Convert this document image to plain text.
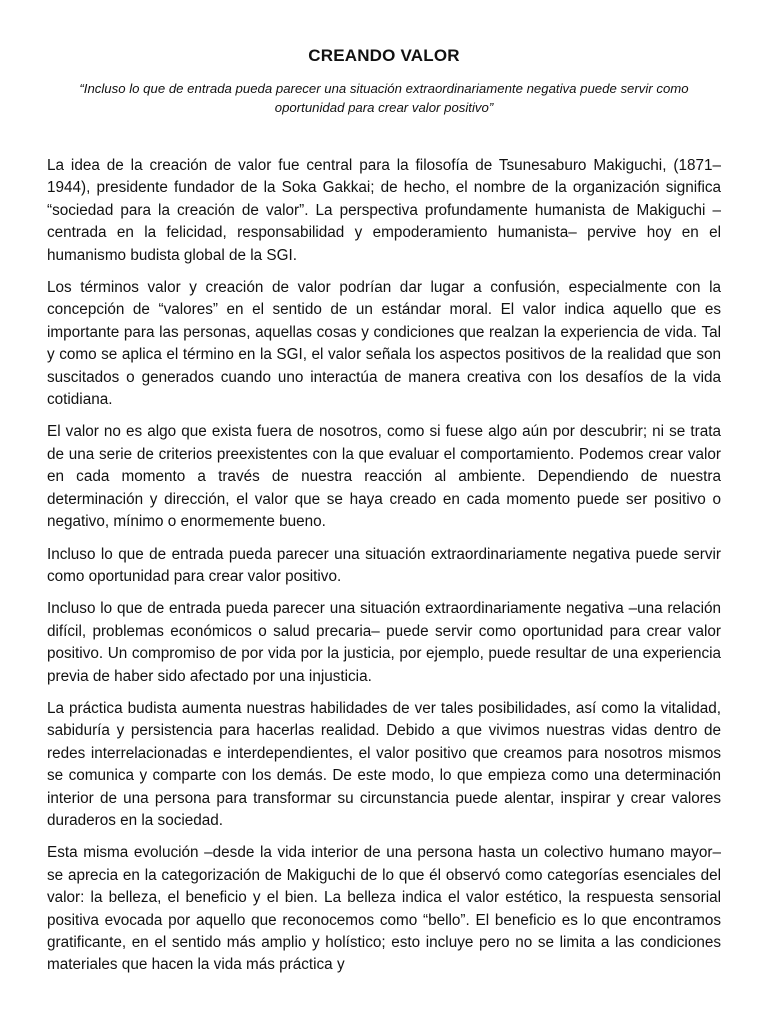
CREANDO VALOR

“Incluso lo que de entrada pueda parecer una situación extraordinariamente negativa puede servir como oportunidad para crear valor positivo”

La idea de la creación de valor fue central para la filosofía de Tsunesaburo Makiguchi, (1871–1944), presidente fundador de la Soka Gakkai; de hecho, el nombre de la organización significa “sociedad para la creación de valor”. La perspectiva profundamente humanista de Makiguchi –centrada en la felicidad, responsabilidad y empoderamiento humanista– pervive hoy en el humanismo budista global de la SGI.

Los términos valor y creación de valor podrían dar lugar a confusión, especialmente con la concepción de “valores” en el sentido de un estándar moral. El valor indica aquello que es importante para las personas, aquellas cosas y condiciones que realzan la experiencia de vida. Tal y como se aplica el término en la SGI, el valor señala los aspectos positivos de la realidad que son suscitados o generados cuando uno interactúa de manera creativa con los desafíos de la vida cotidiana.

El valor no es algo que exista fuera de nosotros, como si fuese algo aún por descubrir; ni se trata de una serie de criterios preexistentes con la que evaluar el comportamiento. Podemos crear valor en cada momento a través de nuestra reacción al ambiente. Dependiendo de nuestra determinación y dirección, el valor que se haya creado en cada momento puede ser positivo o negativo, mínimo o enormemente bueno.

Incluso lo que de entrada pueda parecer una situación extraordinariamente negativa puede servir como oportunidad para crear valor positivo.

Incluso lo que de entrada pueda parecer una situación extraordinariamente negativa –una relación difícil, problemas económicos o salud precaria– puede servir como oportunidad para crear valor positivo. Un compromiso de por vida por la justicia, por ejemplo, puede resultar de una experiencia previa de haber sido afectado por una injusticia.

La práctica budista aumenta nuestras habilidades de ver tales posibilidades, así como la vitalidad, sabiduría y persistencia para hacerlas realidad. Debido a que vivimos nuestras vidas dentro de redes interrelacionadas e interdependientes, el valor positivo que creamos para nosotros mismos se comunica y comparte con los demás. De este modo, lo que empieza como una determinación interior de una persona para transformar su circunstancia puede alentar, inspirar y crear valores duraderos en la sociedad.

Esta misma evolución –desde la vida interior de una persona hasta un colectivo humano mayor– se aprecia en la categorización de Makiguchi de lo que él observó como categorías esenciales del valor: la belleza, el beneficio y el bien. La belleza indica el valor estético, la respuesta sensorial positiva evocada por aquello que reconocemos como “bello”. El beneficio es lo que encontramos gratificante, en el sentido más amplio y holístico; esto incluye pero no se limita a las condiciones materiales que hacen la vida más práctica y
